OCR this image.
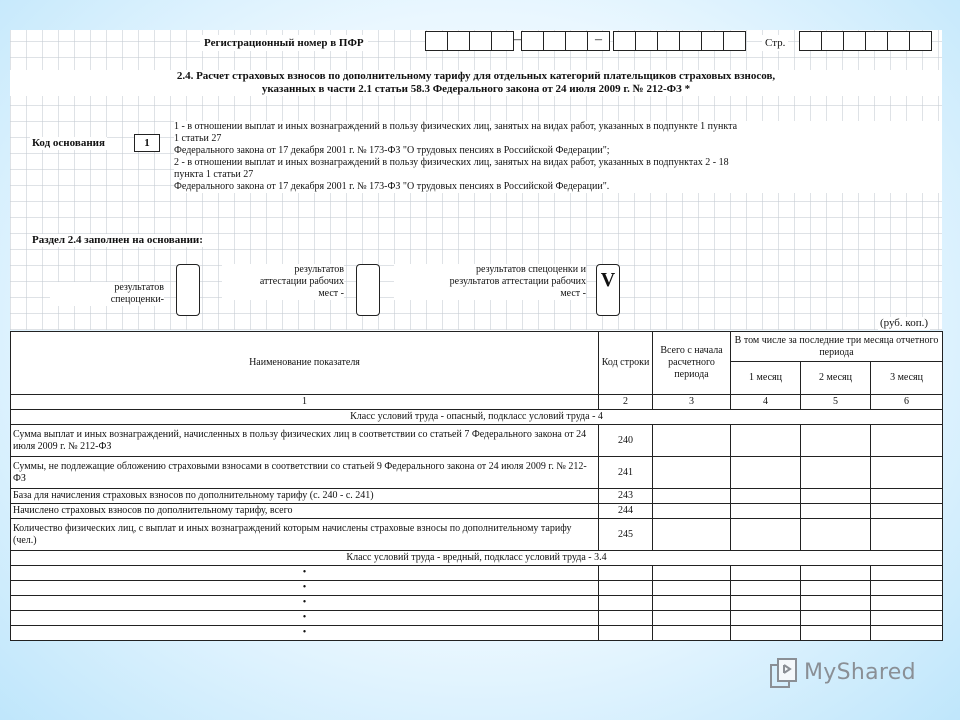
Регистрационный номер в ПФР	–	–	Стр.
2.4. Расчет страховых взносов по дополнительному тарифу для отдельных категорий плательщиков страховых взносов,
указанных в части 2.1 статьи 58.3 Федерального закона от 24 июля 2009 г. № 212-ФЗ *
Код основания	1
1 - в отношении выплат и иных вознаграждений в пользу физических лиц, занятых на видах работ, указанных в подпункте 1 пункта
1 статьи 27
Федерального закона от 17 декабря 2001 г. № 173-ФЗ "О трудовых пенсиях в Российской Федерации";
2 - в отношении выплат и иных вознаграждений в пользу физических лиц, занятых на видах работ, указанных в подпунктах 2 - 18
пункта 1 статьи 27
Федерального закона от 17 декабря 2001 г. № 173-ФЗ "О трудовых пенсиях в Российской Федерации".
Раздел 2.4 заполнен на основании:
результатов
спецоценки-
результатов
аттестации рабочих
мест -
результатов спецоценки и
результатов аттестации рабочих
мест -
V
(руб. коп.)
Наименование показателя	Код строки	Всего с начала расчетного периода	В том числе за последние три месяца отчетного периода		
			1 месяц	2 месяц	3 месяц
1	2	3	4	5	6
Класс условий труда - опасный, подкласс условий труда - 4					
Сумма выплат и иных вознаграждений, начисленных в пользу физических лиц в соответствии со статьей 7 Федерального закона от 24 июля 2009 г. № 212-ФЗ	240				
Суммы, не подлежащие обложению страховыми взносами в соответствии со статьей 9 Федерального закона от 24 июля 2009 г. № 212-ФЗ	241				
База для начисления страховых взносов по дополнительному тарифу (с. 240 - с. 241)	243				
Начислено страховых взносов по дополнительному тарифу, всего	244				
Количество физических лиц, с выплат и иных вознаграждений которым начислены страховые взносы по дополнительному тарифу (чел.)	245				
Класс условий труда - вредный, подкласс условий труда - 3.4					
•					
•					
•					
•					
•					
MyShared
